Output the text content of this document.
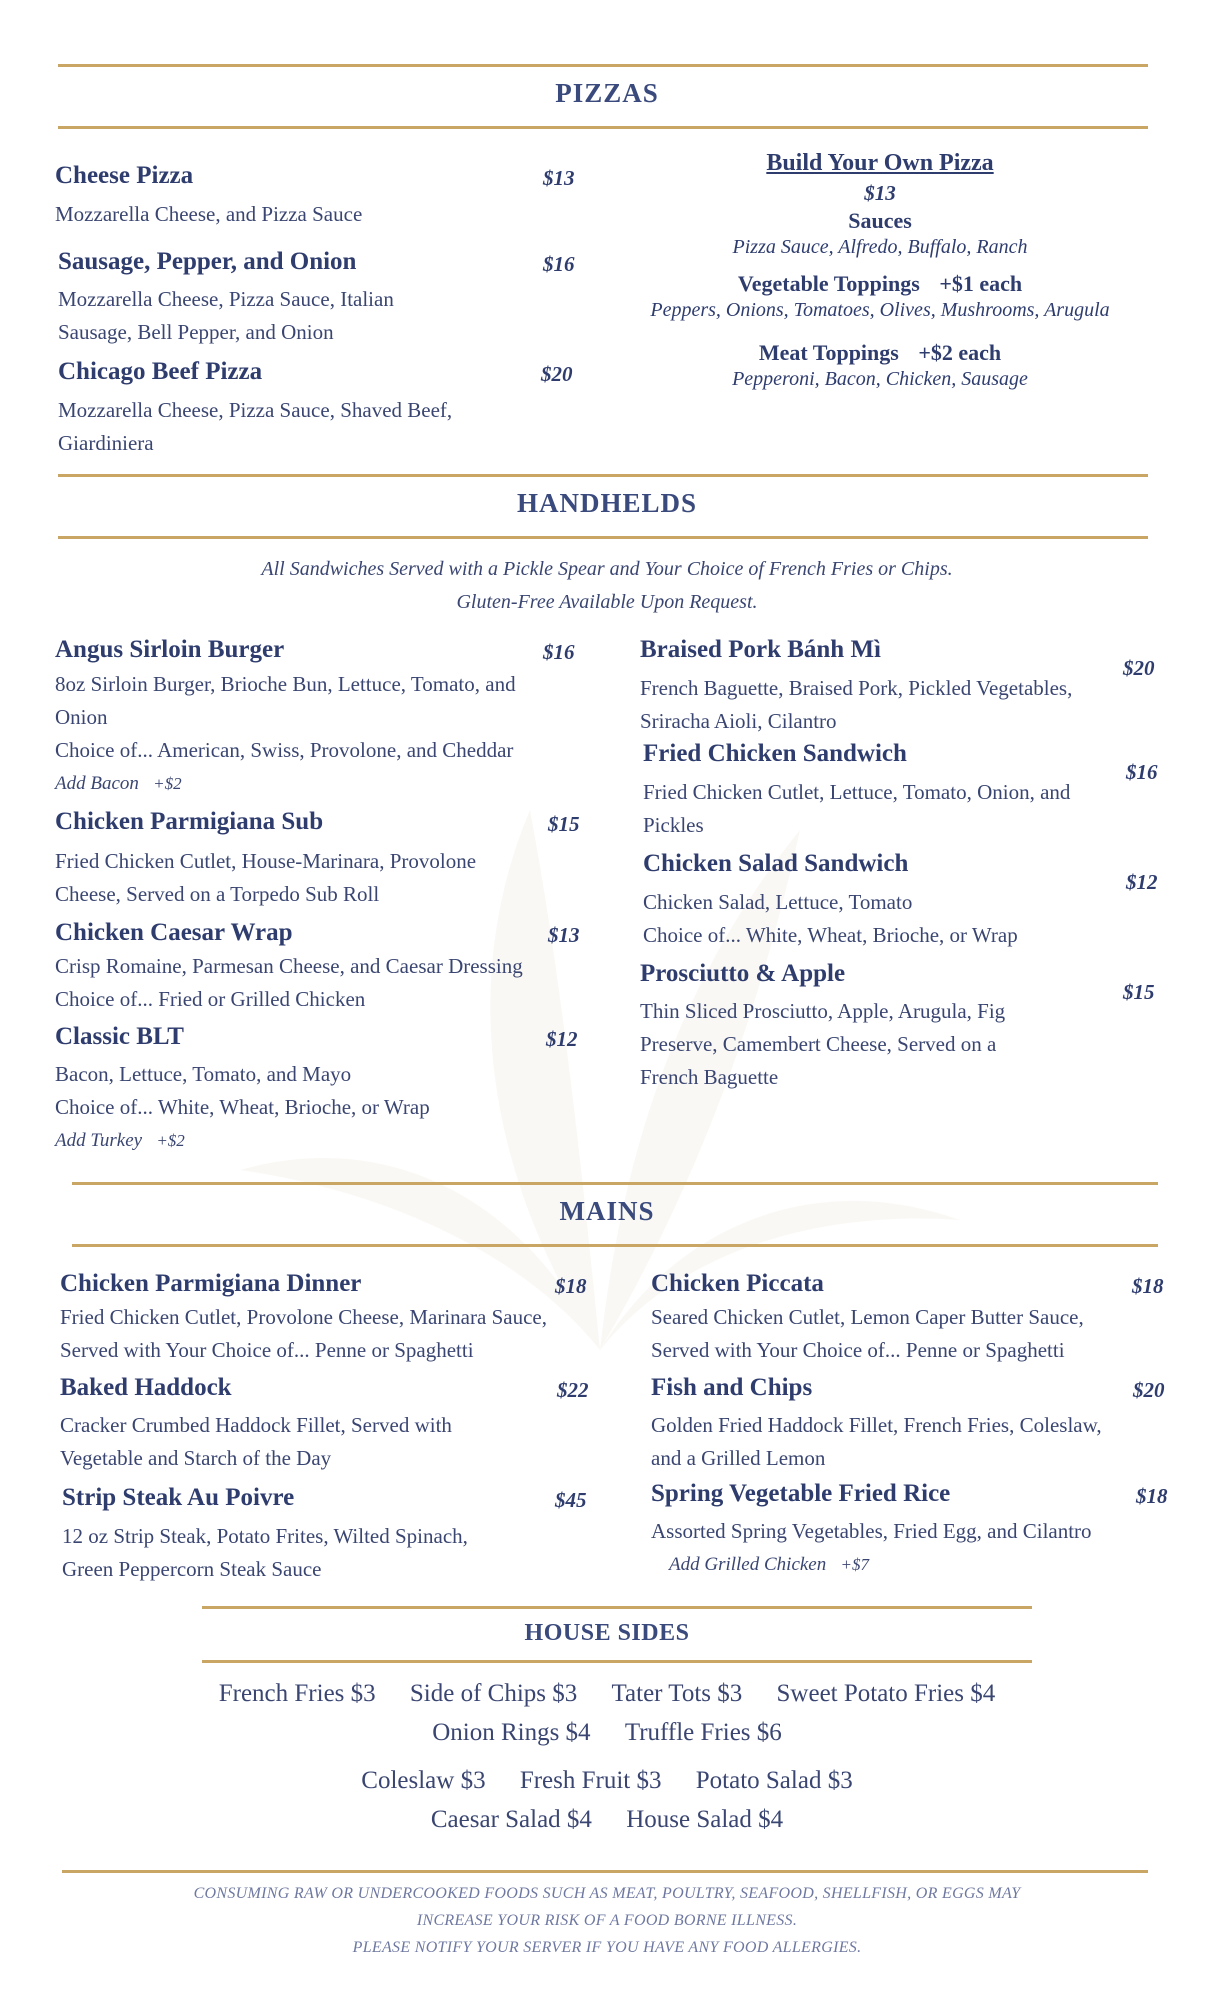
PIZZAS
Cheese Pizza	$13
Mozzarella Cheese, and Pizza Sauce
Sausage, Pepper, and Onion	$16
Mozzarella Cheese, Pizza Sauce, Italian
Sausage, Bell Pepper, and Onion
Chicago Beef Pizza	$20
Mozzarella Cheese, Pizza Sauce, Shaved Beef,
Giardiniera
Build Your Own Pizza
$13
Sauces
Pizza Sauce, Alfredo, Buffalo, Ranch
Vegetable Toppings +$1 each
Peppers, Onions, Tomatoes, Olives, Mushrooms, Arugula
Meat Toppings +$2 each
Pepperoni, Bacon, Chicken, Sausage
HANDHELDS
All Sandwiches Served with a Pickle Spear and Your Choice of French Fries or Chips.
Gluten-Free Available Upon Request.
Angus Sirloin Burger	$16
8oz Sirloin Burger, Brioche Bun, Lettuce, Tomato, and
Onion
Choice of... American, Swiss, Provolone, and Cheddar
Add Bacon +$2
Chicken Parmigiana Sub	$15
Fried Chicken Cutlet, House-Marinara, Provolone
Cheese, Served on a Torpedo Sub Roll
Chicken Caesar Wrap	$13
Crisp Romaine, Parmesan Cheese, and Caesar Dressing
Choice of... Fried or Grilled Chicken
Classic BLT	$12
Bacon, Lettuce, Tomato, and Mayo
Choice of... White, Wheat, Brioche, or Wrap
Add Turkey +$2
Braised Pork Bánh Mì
$20
French Baguette, Braised Pork, Pickled Vegetables,
Sriracha Aioli, Cilantro
Fried Chicken Sandwich
$16
Fried Chicken Cutlet, Lettuce, Tomato, Onion, and
Pickles
Chicken Salad Sandwich
$12
Chicken Salad, Lettuce, Tomato
Choice of... White, Wheat, Brioche, or Wrap
Prosciutto & Apple
$15
Thin Sliced Prosciutto, Apple, Arugula, Fig
Preserve, Camembert Cheese, Served on a
French Baguette
MAINS
Chicken Parmigiana Dinner	$18
Fried Chicken Cutlet, Provolone Cheese, Marinara Sauce,
Served with Your Choice of... Penne or Spaghetti
Baked Haddock	$22
Cracker Crumbed Haddock Fillet, Served with
Vegetable and Starch of the Day
Strip Steak Au Poivre	$45
12 oz Strip Steak, Potato Frites, Wilted Spinach,
Green Peppercorn Steak Sauce
Chicken Piccata	$18
Seared Chicken Cutlet, Lemon Caper Butter Sauce,
Served with Your Choice of... Penne or Spaghetti
Fish and Chips	$20
Golden Fried Haddock Fillet, French Fries, Coleslaw,
and a Grilled Lemon
Spring Vegetable Fried Rice	$18
Assorted Spring Vegetables, Fried Egg, and Cilantro
Add Grilled Chicken +$7
HOUSE SIDES
French Fries $3 Side of Chips $3 Tater Tots $3 Sweet Potato Fries $4
Onion Rings $4 Truffle Fries $6
Coleslaw $3 Fresh Fruit $3 Potato Salad $3
Caesar Salad $4 House Salad $4
CONSUMING RAW OR UNDERCOOKED FOODS SUCH AS MEAT, POULTRY, SEAFOOD, SHELLFISH, OR EGGS MAY
INCREASE YOUR RISK OF A FOOD BORNE ILLNESS.
PLEASE NOTIFY YOUR SERVER IF YOU HAVE ANY FOOD ALLERGIES.
